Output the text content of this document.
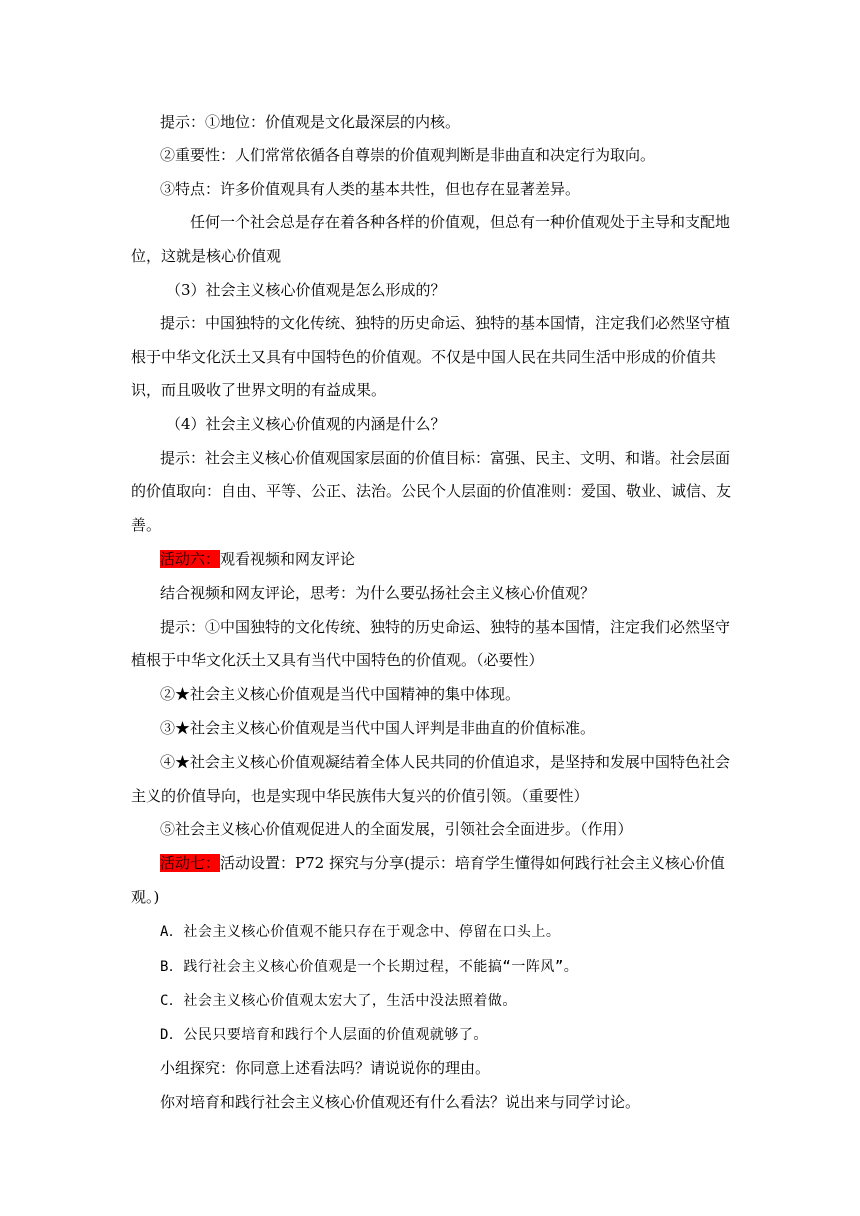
提示：①地位：价值观是文化最深层的内核。
②重要性：人们常常依循各自尊崇的价值观判断是非曲直和决定行为取向。
③特点：许多价值观具有人类的基本共性，但也存在显著差异。
任何一个社会总是存在着各种各样的价值观，但总有一种价值观处于主导和支配地
位，这就是核心价值观
（3）社会主义核心价值观是怎么形成的？
提示：中国独特的文化传统、独特的历史命运、独特的基本国情，注定我们必然坚守植
根于中华文化沃土又具有中国特色的价值观。不仅是中国人民在共同生活中形成的价值共
识，而且吸收了世界文明的有益成果。
（4）社会主义核心价值观的内涵是什么？
提示：社会主义核心价值观国家层面的价值目标：富强、民主、文明、和谐。社会层面
的价值取向：自由、平等、公正、法治。公民个人层面的价值准则：爱国、敬业、诚信、友
善。
活动六：观看视频和网友评论
结合视频和网友评论，思考：为什么要弘扬社会主义核心价值观？
提示：①中国独特的文化传统、独特的历史命运、独特的基本国情，注定我们必然坚守
植根于中华文化沃土又具有当代中国特色的价值观。（必要性）
②★社会主义核心价值观是当代中国精神的集中体现。
③★社会主义核心价值观是当代中国人评判是非曲直的价值标准。
④★社会主义核心价值观凝结着全体人民共同的价值追求，是坚持和发展中国特色社会
主义的价值导向，也是实现中华民族伟大复兴的价值引领。（重要性）
⑤社会主义核心价值观促进人的全面发展，引领社会全面进步。（作用）
活动七：活动设置：P72 探究与分享(提示：培育学生懂得如何践行社会主义核心价值
观。)
A．社会主义核心价值观不能只存在于观念中、停留在口头上。
B．践行社会主义核心价值观是一个长期过程，不能搞“一阵风”。
C．社会主义核心价值观太宏大了，生活中没法照着做。
D．公民只要培育和践行个人层面的价值观就够了。
小组探究：你同意上述看法吗？请说说你的理由。
你对培育和践行社会主义核心价值观还有什么看法？说出来与同学讨论。
